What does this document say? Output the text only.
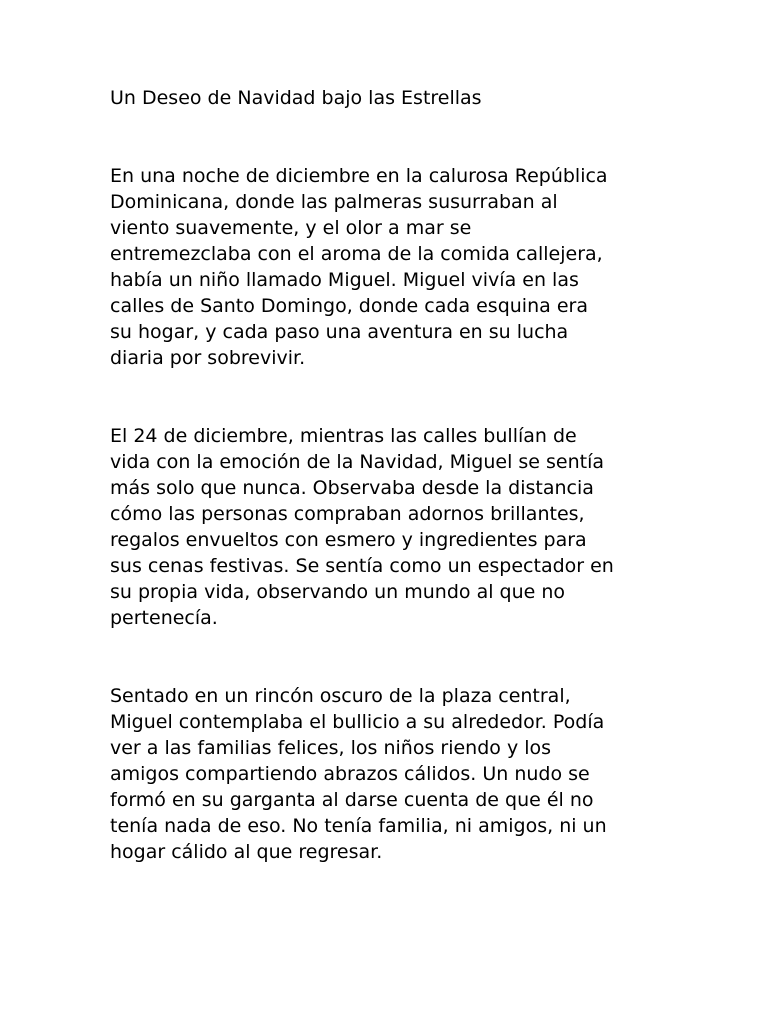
Un Deseo de Navidad bajo las Estrellas

En una noche de diciembre en la calurosa República
Dominicana, donde las palmeras susurraban al
viento suavemente, y el olor a mar se
entremezclaba con el aroma de la comida callejera,
había un niño llamado Miguel. Miguel vivía en las
calles de Santo Domingo, donde cada esquina era
su hogar, y cada paso una aventura en su lucha
diaria por sobrevivir.

El 24 de diciembre, mientras las calles bullían de
vida con la emoción de la Navidad, Miguel se sentía
más solo que nunca. Observaba desde la distancia
cómo las personas compraban adornos brillantes,
regalos envueltos con esmero y ingredientes para
sus cenas festivas. Se sentía como un espectador en
su propia vida, observando un mundo al que no
pertenecía.

Sentado en un rincón oscuro de la plaza central,
Miguel contemplaba el bullicio a su alrededor. Podía
ver a las familias felices, los niños riendo y los
amigos compartiendo abrazos cálidos. Un nudo se
formó en su garganta al darse cuenta de que él no
tenía nada de eso. No tenía familia, ni amigos, ni un
hogar cálido al que regresar.
